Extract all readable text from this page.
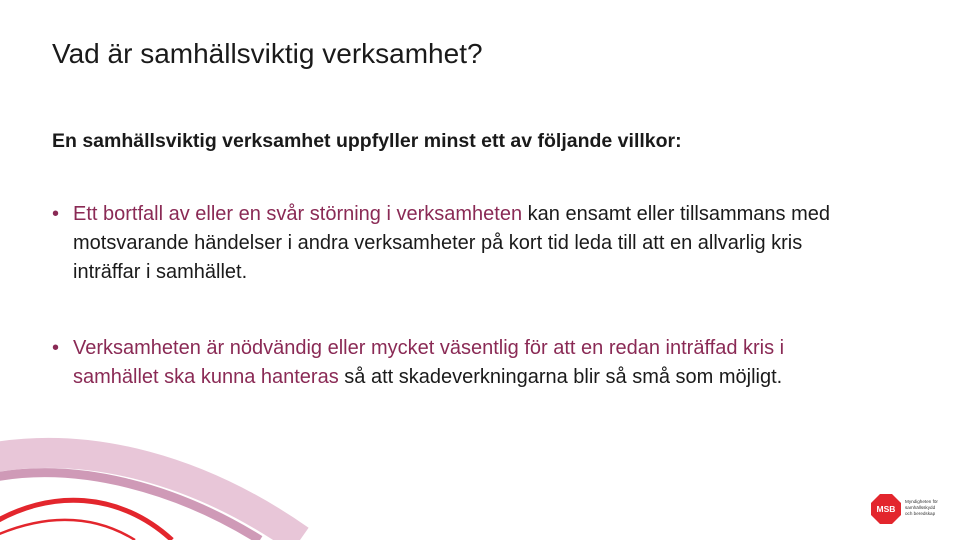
Vad är samhällsviktig verksamhet?

En samhällsviktig verksamhet uppfyller minst ett av följande villkor:

• Ett bortfall av eller en svår störning i verksamheten kan ensamt eller tillsammans med motsvarande händelser i andra verksamheter på kort tid leda till att en allvarlig kris inträffar i samhället.
• Verksamheten är nödvändig eller mycket väsentlig för att en redan inträffad kris i samhället ska kunna hanteras så att skadeverkningarna blir så små som möjligt.
MSB
Myndigheten för
samhällsskydd
och beredskap
